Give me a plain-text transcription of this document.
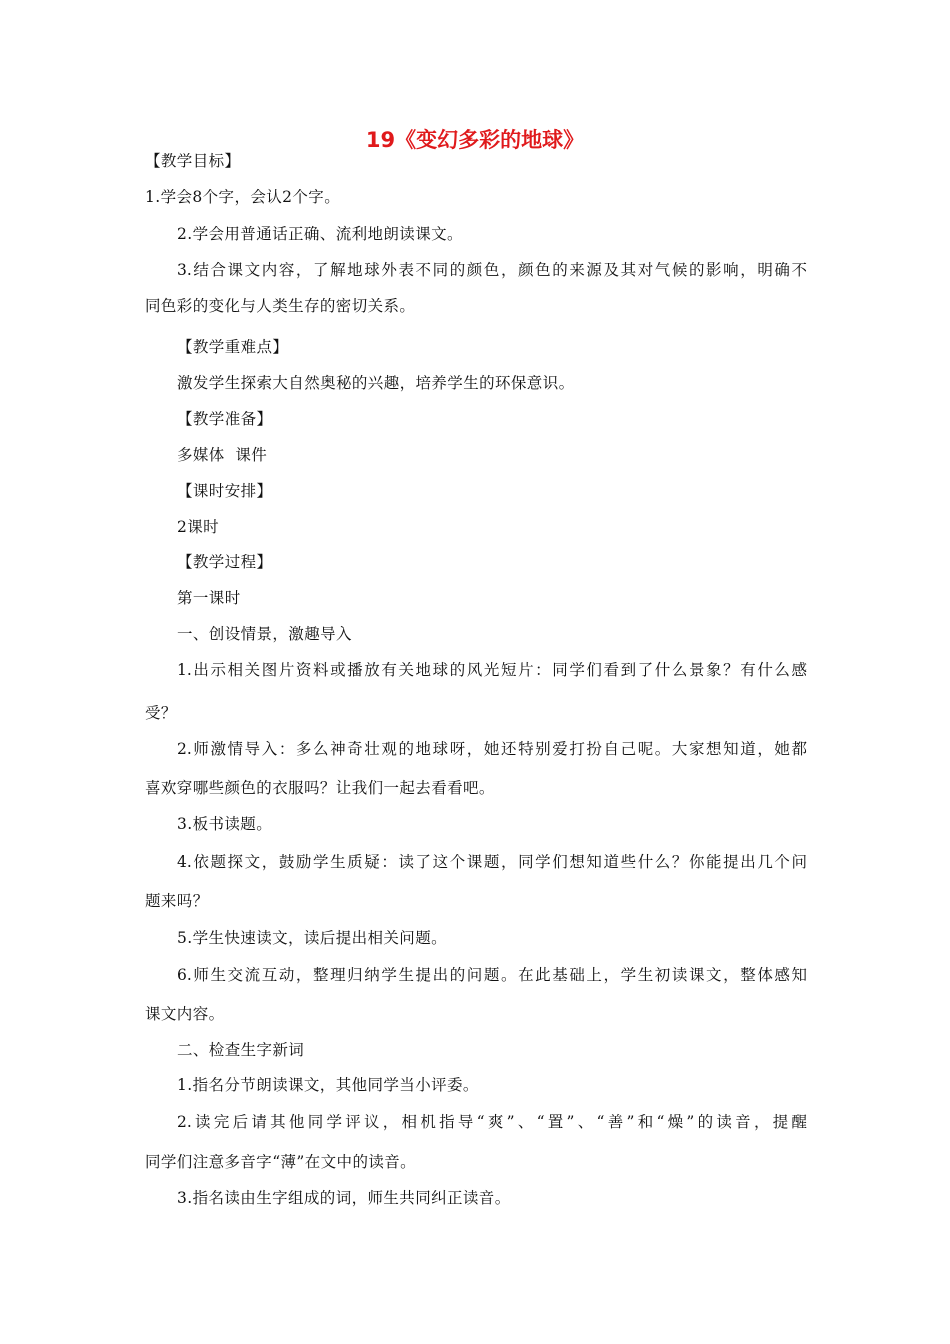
19《变幻多彩的地球》
【教学目标】
1.学会8个字，会认2个字。
2.学会用普通话正确、流利地朗读课文。
3.结合课文内容，了解地球外表不同的颜色，颜色的来源及其对气候的影响，明确不
同色彩的变化与人类生存的密切关系。
【教学重难点】
激发学生探索大自然奥秘的兴趣，培养学生的环保意识。
【教学准备】
多媒体  课件
【课时安排】
2课时
【教学过程】
第一课时
一、创设情景，激趣导入
1.出示相关图片资料或播放有关地球的风光短片：同学们看到了什么景象？有什么感
受？
2.师激情导入：多么神奇壮观的地球呀，她还特别爱打扮自己呢。大家想知道，她都
喜欢穿哪些颜色的衣服吗？让我们一起去看看吧。
3.板书读题。
4.依题探文，鼓励学生质疑：读了这个课题，同学们想知道些什么？你能提出几个问
题来吗？
5.学生快速读文，读后提出相关问题。
6.师生交流互动，整理归纳学生提出的问题。在此基础上，学生初读课文，整体感知
课文内容。
二、检查生字新词
1.指名分节朗读课文，其他同学当小评委。
2.读完后请其他同学评议，相机指导“爽”、“置”、“善”和“燥”的读音，提醒
同学们注意多音字“薄”在文中的读音。
3.指名读由生字组成的词，师生共同纠正读音。
